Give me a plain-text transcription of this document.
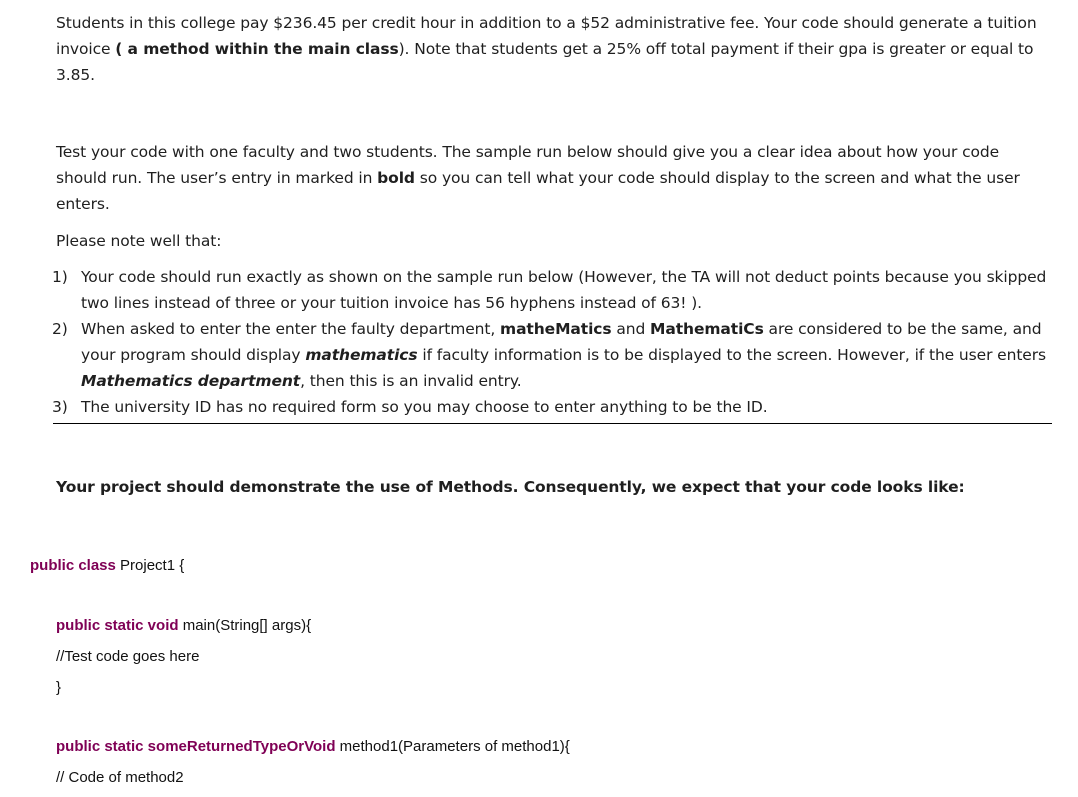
Students in this college pay $236.45 per credit hour in addition to a $52 administrative fee. Your code should generate a tuition invoice ( a method within the main class). Note that students get a 25% off total payment if their gpa is greater or equal to 3.85.
Test your code with one faculty and two students. The sample run below should give you a clear idea about how your code should run. The user’s entry in marked in bold so you can tell what your code should display to the screen and what the user enters.
Please note well that:
1) Your code should run exactly as shown on the sample run below (However, the TA will not deduct points because you skipped two lines instead of three or your tuition invoice has 56 hyphens instead of 63! ).
2) When asked to enter the enter the faulty department, matheMatics and MathematiCs are considered to be the same, and your program should display mathematics if faculty information is to be displayed to the screen. However, if the user enters Mathematics department, then this is an invalid entry.
3) The university ID has no required form so you may choose to enter anything to be the ID.
Your project should demonstrate the use of Methods. Consequently, we expect that your code looks like:
public class Project1 {
public static void main(String[] args){
//Test code goes here
}
public static someReturnedTypeOrVoid method1(Parameters of method1){
// Code of method2
